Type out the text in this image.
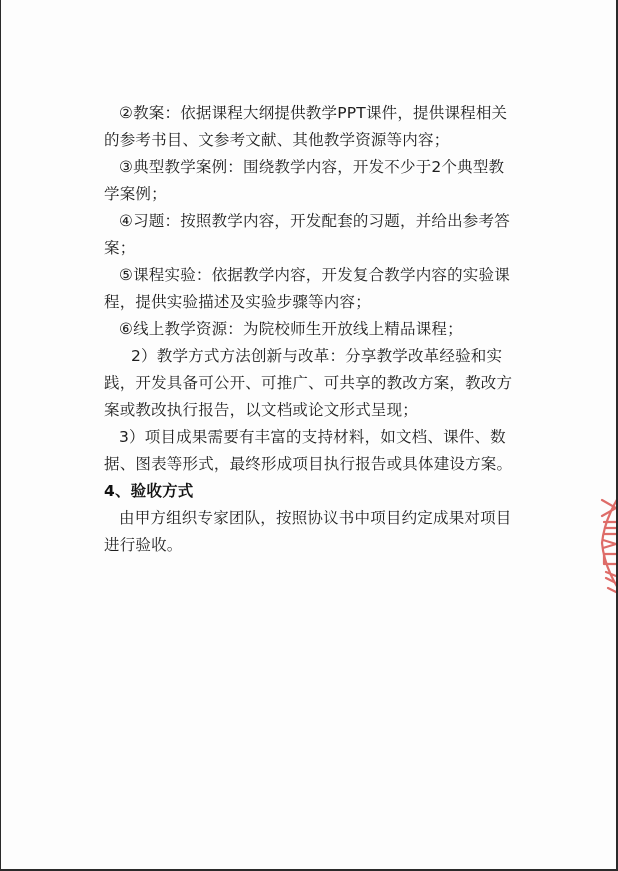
②教案：依据课程大纲提供教学PPT课件，提供课程相关
的参考书目、文参考文献、其他教学资源等内容；
③典型教学案例：围绕教学内容，开发不少于2个典型教
学案例；
④习题：按照教学内容，开发配套的习题，并给出参考答
案；
⑤课程实验：依据教学内容，开发复合教学内容的实验课
程，提供实验描述及实验步骤等内容；
⑥线上教学资源：为院校师生开放线上精品课程；
2）教学方式方法创新与改革：分享教学改革经验和实
践，开发具备可公开、可推广、可共享的教改方案，教改方
案或教改执行报告，以文档或论文形式呈现；
3）项目成果需要有丰富的支持材料，如文档、课件、数
据、图表等形式，最终形成项目执行报告或具体建设方案。
4、验收方式
由甲方组织专家团队，按照协议书中项目约定成果对项目
进行验收。
